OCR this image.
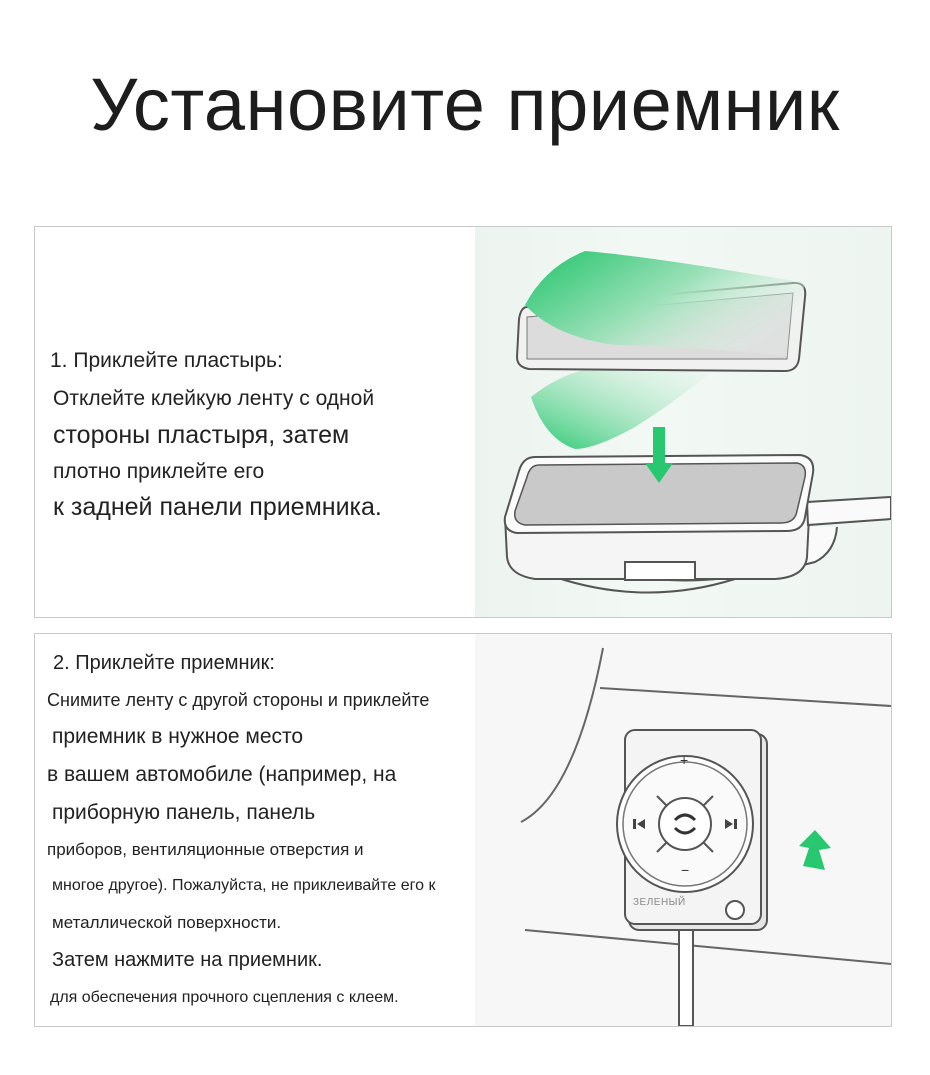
Установите приемник
1. Приклейте пластырь:
Отклейте клейкую ленту с одной
стороны пластыря, затем
плотно приклейте его
к задней панели приемника.
2. Приклейте приемник:
Снимите ленту с другой стороны и приклейте
приемник в нужное место
в вашем автомобиле (например, на
приборную панель, панель
приборов, вентиляционные отверстия и
многое другое). Пожалуйста, не приклеивайте его к
металлической поверхности.
Затем нажмите на приемник.
для обеспечения прочного сцепления с клеем.
+
−
ЗЕЛЕНЫЙ
